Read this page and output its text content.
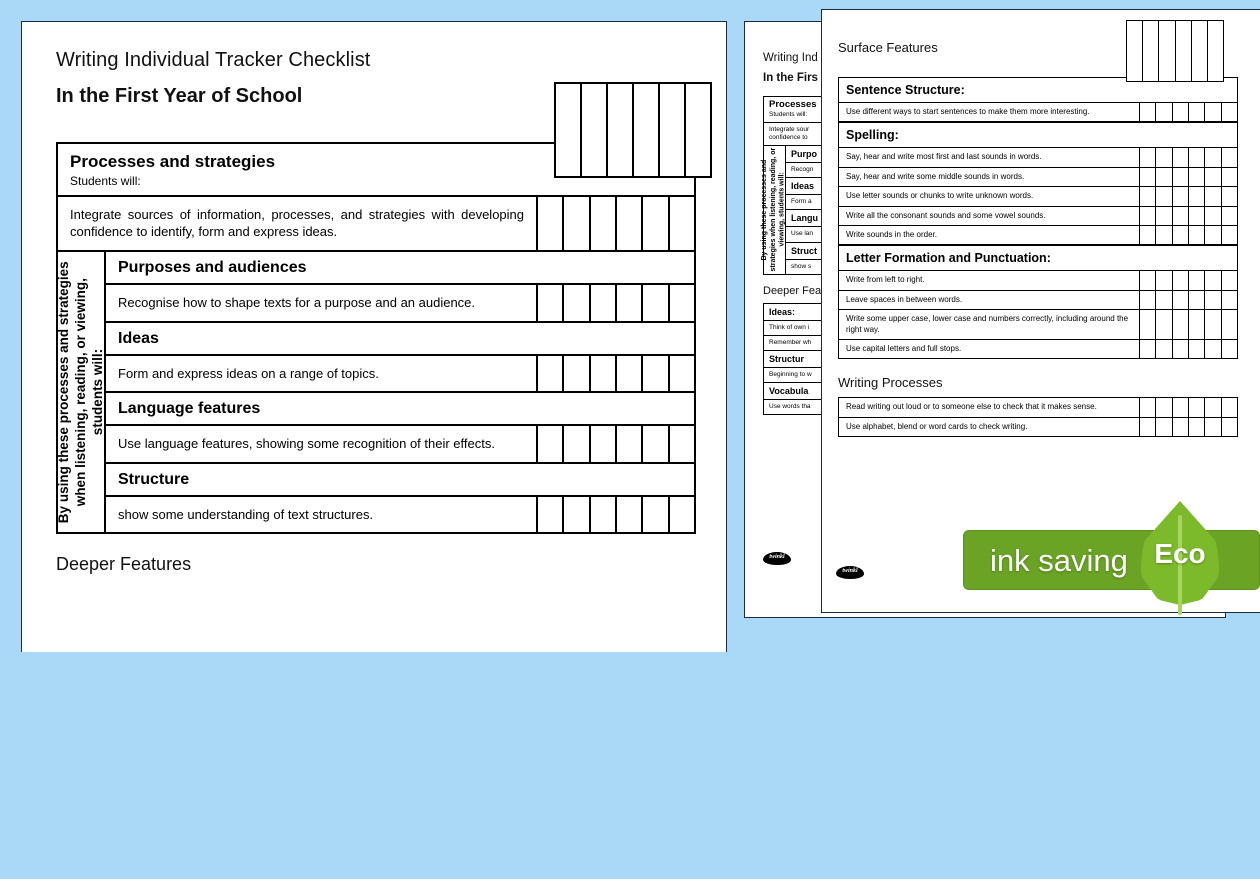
Writing Individual Tracker Checklist
In the First Year of School
Processes and strategies
Students will:
Integrate sources of information, processes, and strategies with developing confidence to identify, form and express ideas.
By using these processes and strategies when listening, reading, or viewing, students will:
Purposes and audiences
Recognise how to shape texts for a purpose and an audience.
Ideas
Form and express ideas on a range of topics.
Language features
Use language features, showing some recognition of their effects.
Structure
show some understanding of text structures.
Deeper Features
Writing Ind
In the Firs
Processes
Students will:
Integrate sour
confidence to
By using these processes and strategies when listening, reading, or viewing, students will:
Purpo
Recogn
Ideas
Form a
Langu
Use lan
Struct
show s
Deeper Fea
Ideas:
Think of own i
Remember wh
Structur
Beginning to w
Vocabula
Use words tha
twinkl
Surface Features
Sentence Structure:
Use different ways to start sentences to make them more interesting.
Spelling:
Say, hear and write most first and last sounds in words.
Say, hear and write some middle sounds in words.
Use letter sounds or chunks to write unknown words.
Write all the consonant sounds and some vowel sounds.
Write sounds in the order.
Letter Formation and Punctuation:
Write from left to right.
Leave spaces in between words.
Write some upper case, lower case and numbers correctly, including around the right way.
Use capital letters and full stops.
Writing Processes
Read writing out loud or to someone else to check that it makes sense.
Use alphabet, blend or word cards to check writing.
twinkl
ink saving Eco
